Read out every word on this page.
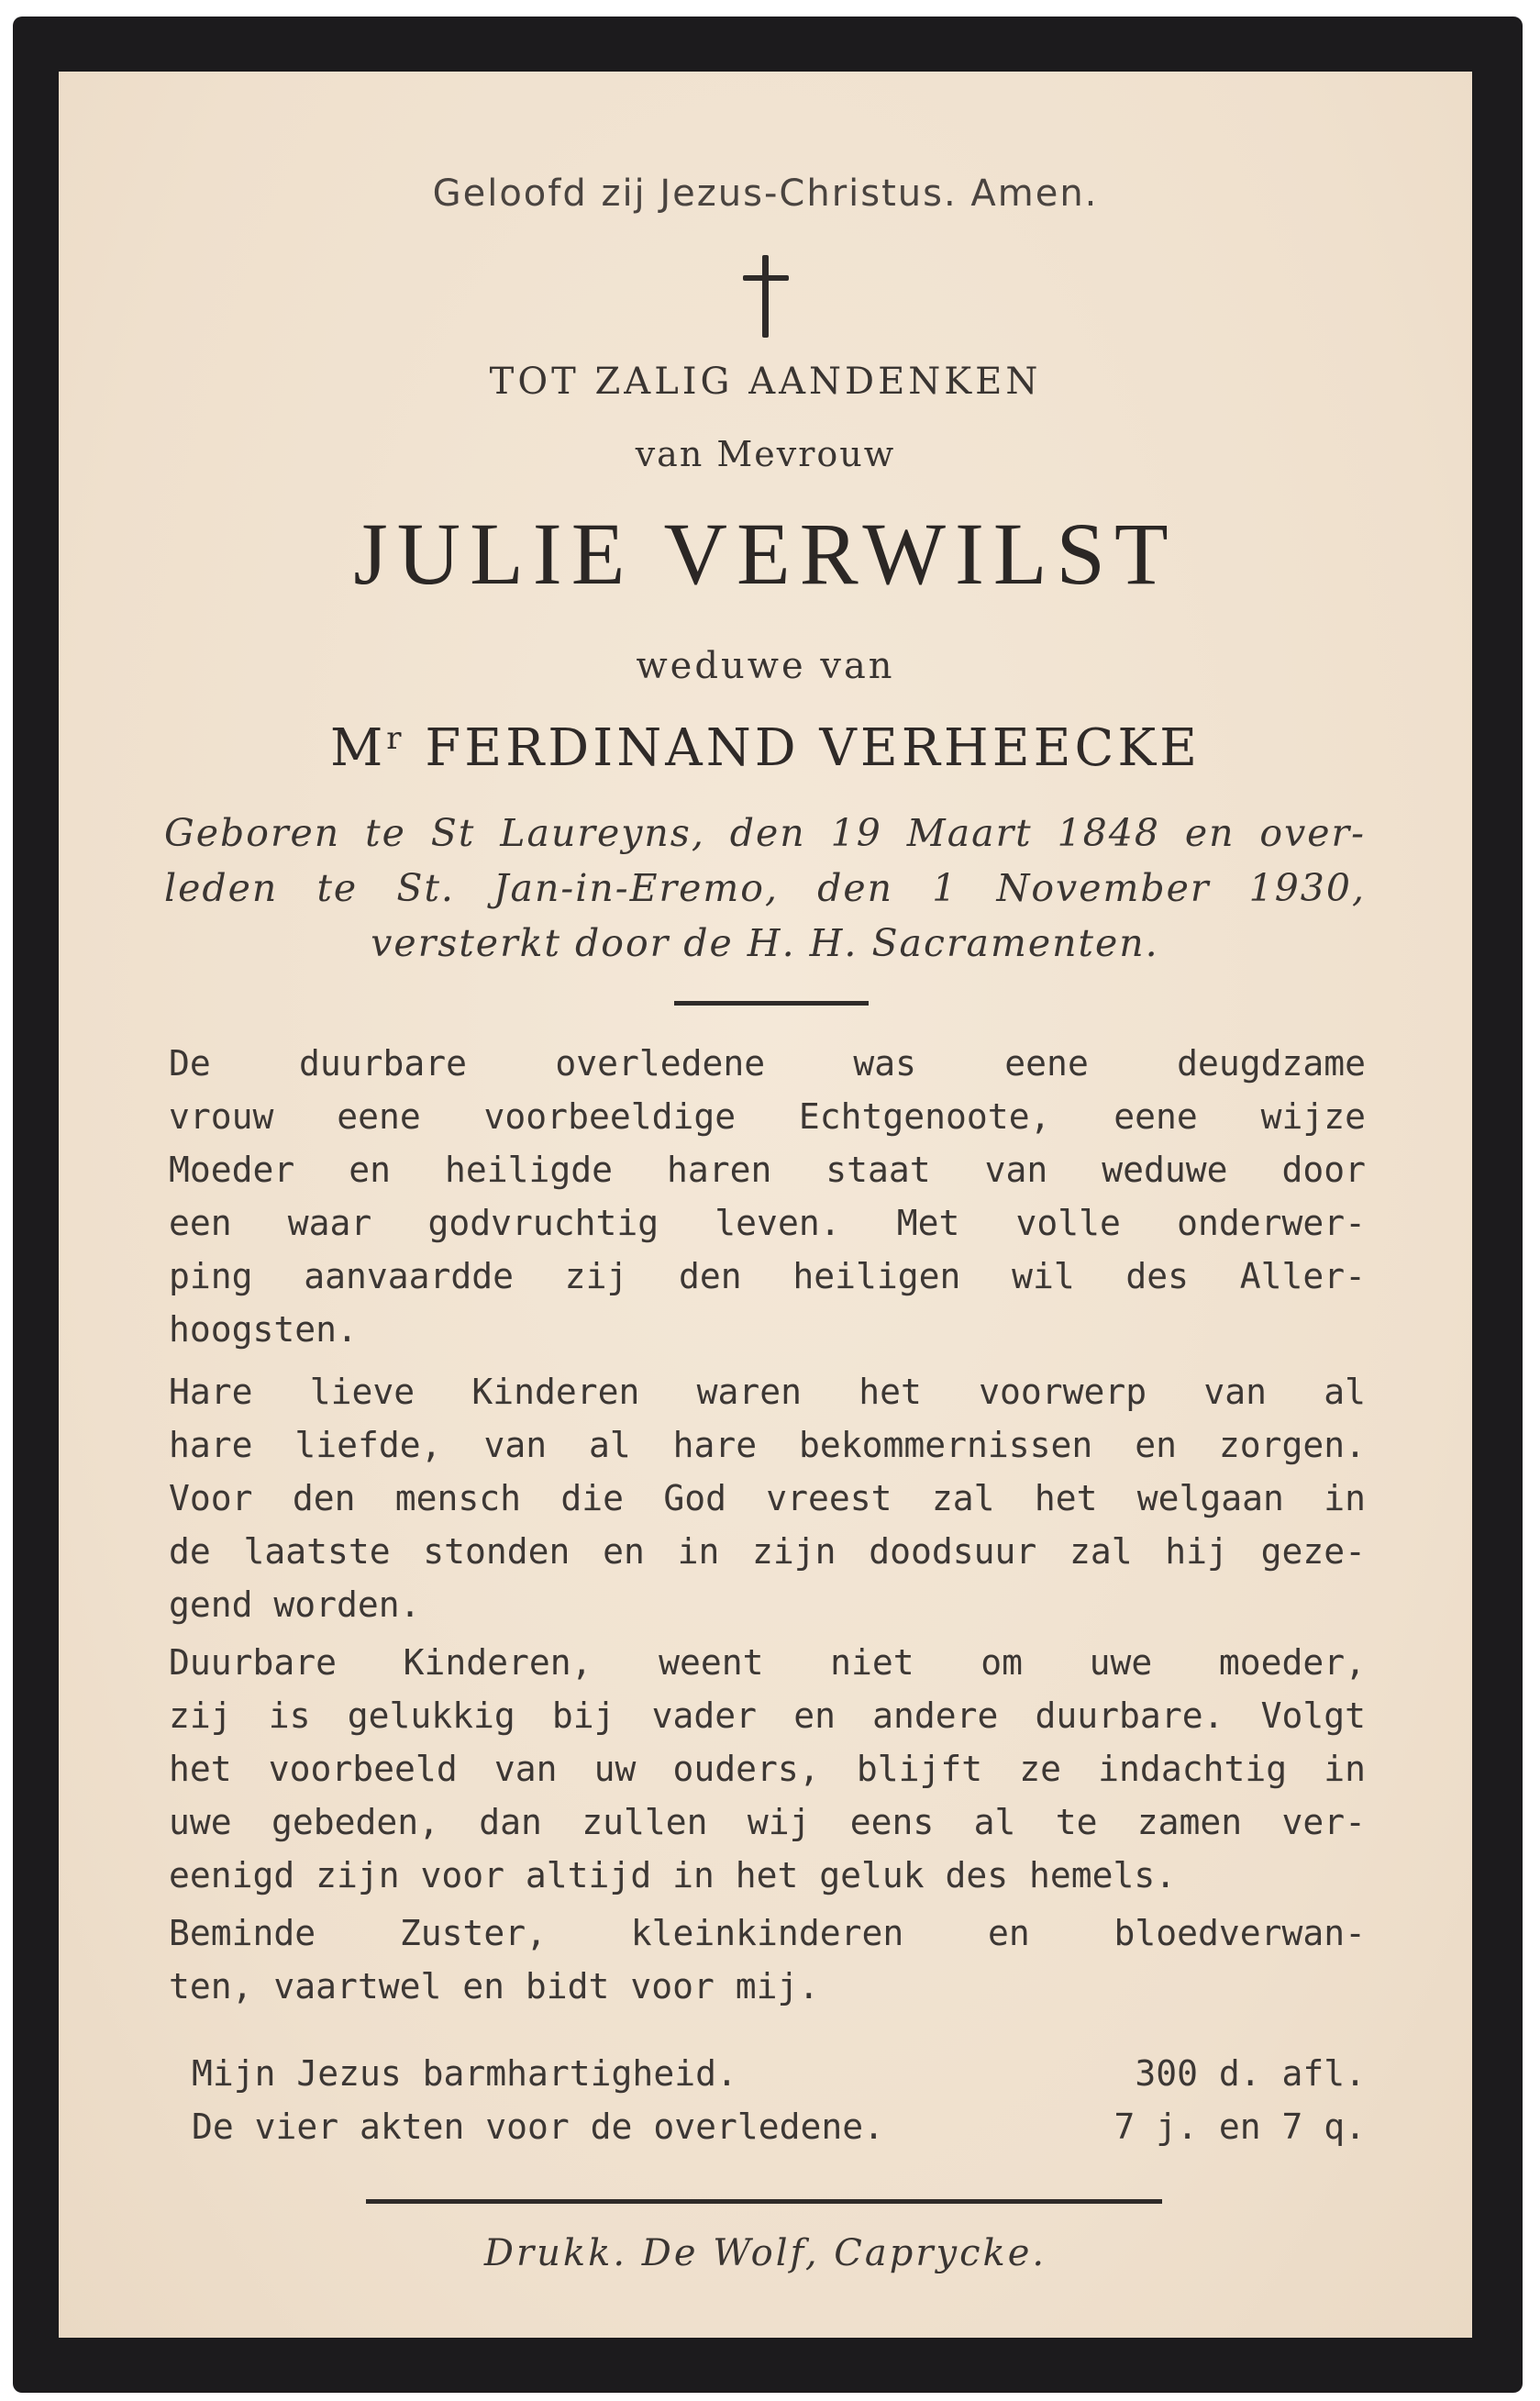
Geloofd zij Jezus-Christus. Amen.
TOT ZALIG AANDENKEN
van Mevrouw
JULIE VERWILST
weduwe van
$M^r$ FERDINAND VERHEECKE
Geboren te St Laureyns, den 19 Maart 1848 en over-
leden te St. Jan-in-Eremo, den 1 November 1930,
versterkt door de H. H. Sacramenten.
De duurbare overledene was eene deugdzame
vrouw eene voorbeeldige Echtgenoote, eene wijze
Moeder en heiligde haren staat van weduwe door
een waar godvruchtig leven. Met volle onderwer-
ping aanvaardde zij den heiligen wil des Aller-
hoogsten.
Hare lieve Kinderen waren het voorwerp van al
hare liefde, van al hare bekommernissen en zorgen.
Voor den mensch die God vreest zal het welgaan in
de laatste stonden en in zijn doodsuur zal hij geze-
gend worden.
Duurbare Kinderen, weent niet om uwe moeder,
zij is gelukkig bij vader en andere duurbare. Volgt
het voorbeeld van uw ouders, blijft ze indachtig in
uwe gebeden, dan zullen wij eens al te zamen ver-
eenigd zijn voor altijd in het geluk des hemels.
Beminde Zuster, kleinkinderen en bloedverwan-
ten, vaartwel en bidt voor mij.
Mijn Jezus barmhartigheid.	300 d. afl.
De vier akten voor de overledene.	7 j. en 7 q.
Drukk. De Wolf, Caprycke.
